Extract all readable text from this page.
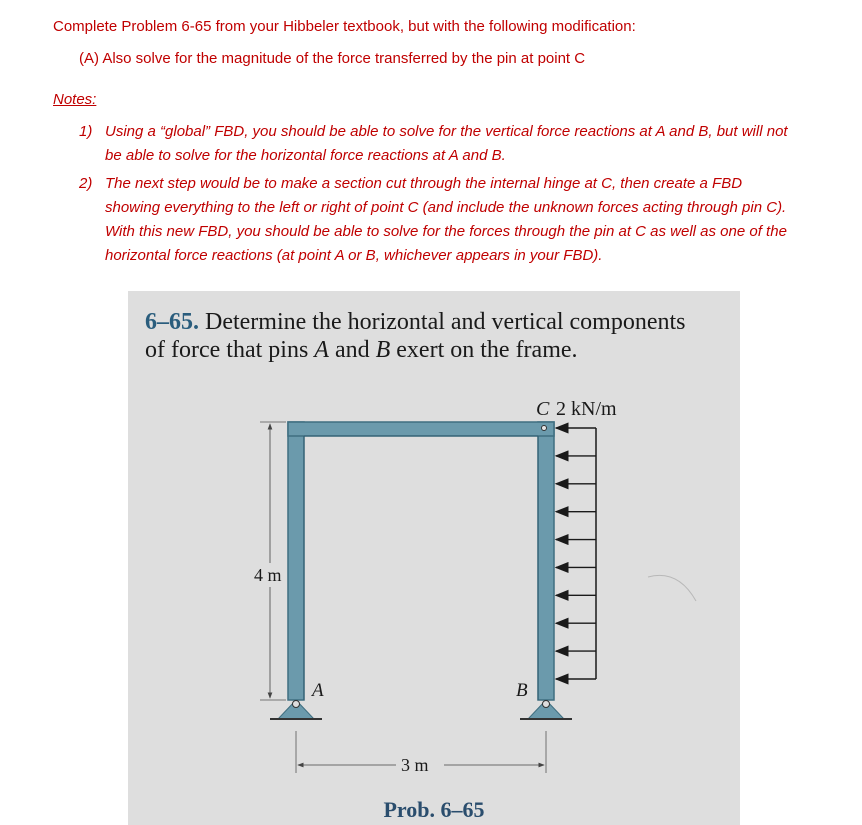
Complete Problem 6-65 from your Hibbeler textbook, but with the following modification:
(A) Also solve for the magnitude of the force transferred by the pin at point C
Notes:
1) Using a “global” FBD, you should be able to solve for the vertical force reactions at A and B, but will not
be able to solve for the horizontal force reactions at A and B.
2) The next step would be to make a section cut through the internal hinge at C, then create a FBD
showing everything to the left or right of point C (and include the unknown forces acting through pin C).
With this new FBD, you should be able to solve for the forces through the pin at C as well as one of the
horizontal force reactions (at point A or B, whichever appears in your FBD).
6–65. Determine the horizontal and vertical components
of force that pins A and B exert on the frame.
C 2 kN/m
A	B
4 m
3 m
Prob. 6–65
